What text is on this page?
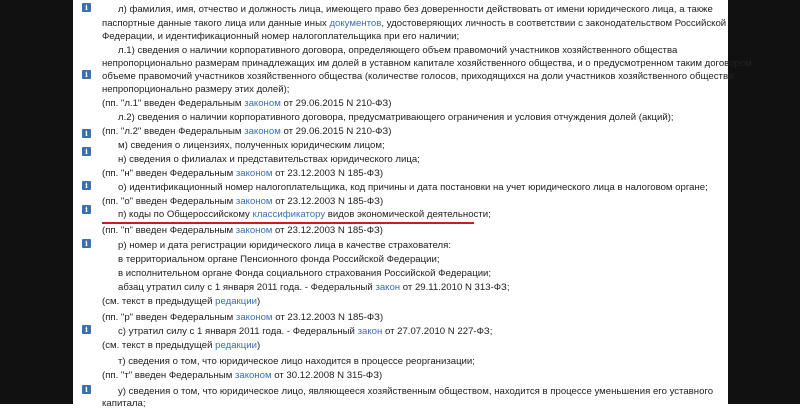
i
i
i
i
i
i
i
i
i
л) фамилия, имя, отчество и должность лица, имеющего право без доверенности действовать от имени юридического лица, а также
паспортные данные такого лица или данные иных документов, удостоверяющих личность в соответствии с законодательством Российской
Федерации, и идентификационный номер налогоплательщика при его наличии;
л.1) сведения о наличии корпоративного договора, определяющего объем правомочий участников хозяйственного общества
непропорционально размерам принадлежащих им долей в уставном капитале хозяйственного общества, и о предусмотренном таким договором
объеме правомочий участников хозяйственного общества (количестве голосов, приходящихся на доли участников хозяйственного общества
непропорционально размеру этих долей);
(пп. "л.1" введен Федеральным законом от 29.06.2015 N 210-ФЗ)
л.2) сведения о наличии корпоративного договора, предусматривающего ограничения и условия отчуждения долей (акций);
(пп. "л.2" введен Федеральным законом от 29.06.2015 N 210-ФЗ)
м) сведения о лицензиях, полученных юридическим лицом;
н) сведения о филиалах и представительствах юридического лица;
(пп. "н" введен Федеральным законом от 23.12.2003 N 185-ФЗ)
о) идентификационный номер налогоплательщика, код причины и дата постановки на учет юридического лица в налоговом органе;
(пп. "о" введен Федеральным законом от 23.12.2003 N 185-ФЗ)
п) коды по Общероссийскому классификатору видов экономической деятельности;
(пп. "п" введен Федеральным законом от 23.12.2003 N 185-ФЗ)
р) номер и дата регистрации юридического лица в качестве страхователя:
в территориальном органе Пенсионного фонда Российской Федерации;
в исполнительном органе Фонда социального страхования Российской Федерации;
абзац утратил силу с 1 января 2011 года. - Федеральный закон от 29.11.2010 N 313-ФЗ;
(см. текст в предыдущей редакции)
(пп. "р" введен Федеральным законом от 23.12.2003 N 185-ФЗ)
с) утратил силу с 1 января 2011 года. - Федеральный закон от 27.07.2010 N 227-ФЗ;
(см. текст в предыдущей редакции)
т) сведения о том, что юридическое лицо находится в процессе реорганизации;
(пп. "т" введен Федеральным законом от 30.12.2008 N 315-ФЗ)
у) сведения о том, что юридическое лицо, являющееся хозяйственным обществом, находится в процессе уменьшения его уставного
капитала;
